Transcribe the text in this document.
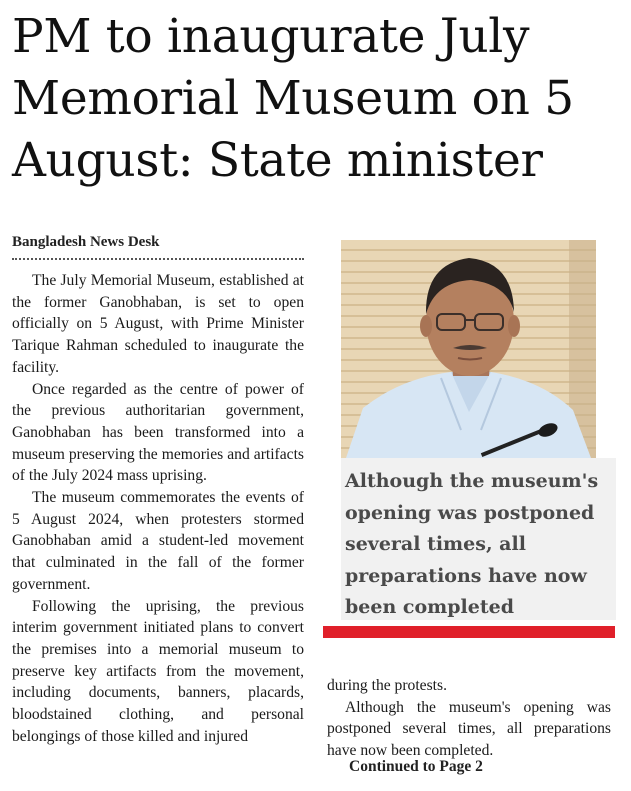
PM to inaugurate July Memorial Museum on 5 August: State minister
Bangladesh News Desk

The July Memorial Museum, established at the former Ganobhaban, is set to open officially on 5 August, with Prime Minister Tarique Rahman scheduled to inaugurate the facility.

Once regarded as the centre of power of the previous authoritarian government, Ganobhaban has been transformed into a museum preserving the memories and artifacts of the July 2024 mass uprising.

The museum commemorates the events of 5 August 2024, when protesters stormed Ganobhaban amid a student-led movement that culminated in the fall of the former government.

Following the uprising, the previous interim government initiated plans to convert the premises into a memorial museum to preserve key artifacts from the movement, including documents, banners, placards, bloodstained clothing, and personal belongings of those killed and injured

Although the museum's opening was postponed several times, all preparations have now been completed

during the protests.

Although the museum's opening was postponed several times, all preparations have now been completed.

Continued to Page 2
